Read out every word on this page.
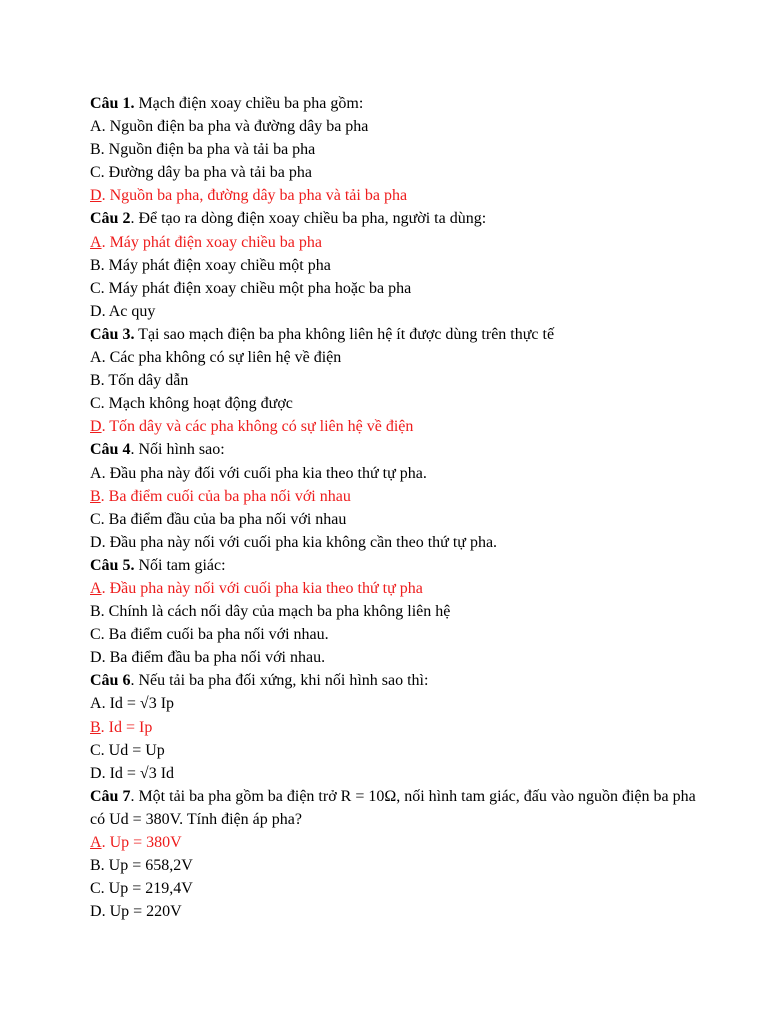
Câu 1. Mạch điện xoay chiều ba pha gồm:
A. Nguồn điện ba pha và đường dây ba pha
B. Nguồn điện ba pha và tải ba pha
C. Đường dây ba pha và tải ba pha
D. Nguồn ba pha, đường dây ba pha và tải ba pha
Câu 2. Để tạo ra dòng điện xoay chiều ba pha, người ta dùng:
A. Máy phát điện xoay chiều ba pha
B. Máy phát điện xoay chiều một pha
C. Máy phát điện xoay chiều một pha hoặc ba pha
D. Ac quy
Câu 3. Tại sao mạch điện ba pha không liên hệ ít được dùng trên thực tế
A. Các pha không có sự liên hệ về điện
B. Tốn dây dẫn
C. Mạch không hoạt động được
D. Tốn dây và các pha không có sự liên hệ về điện
Câu 4. Nối hình sao:
A. Đầu pha này đối với cuối pha kia theo thứ tự pha.
B. Ba điểm cuối của ba pha nối với nhau
C. Ba điểm đầu của ba pha nối với nhau
D. Đầu pha này nối với cuối pha kia không cần theo thứ tự pha.
Câu 5. Nối tam giác:
A. Đầu pha này nối với cuối pha kia theo thứ tự pha
B. Chính là cách nối dây của mạch ba pha không liên hệ
C. Ba điểm cuối ba pha nối với nhau.
D. Ba điểm đầu ba pha nối với nhau.
Câu 6. Nếu tải ba pha đối xứng, khi nối hình sao thì:
A. Id = √3 Ip
B. Id = Ip
C. Ud = Up
D. Id = √3 Id
Câu 7. Một tải ba pha gồm ba điện trở R = 10Ω, nối hình tam giác, đấu vào nguồn điện ba pha có Ud = 380V. Tính điện áp pha?
A. Up = 380V
B. Up = 658,2V
C. Up = 219,4V
D. Up = 220V
